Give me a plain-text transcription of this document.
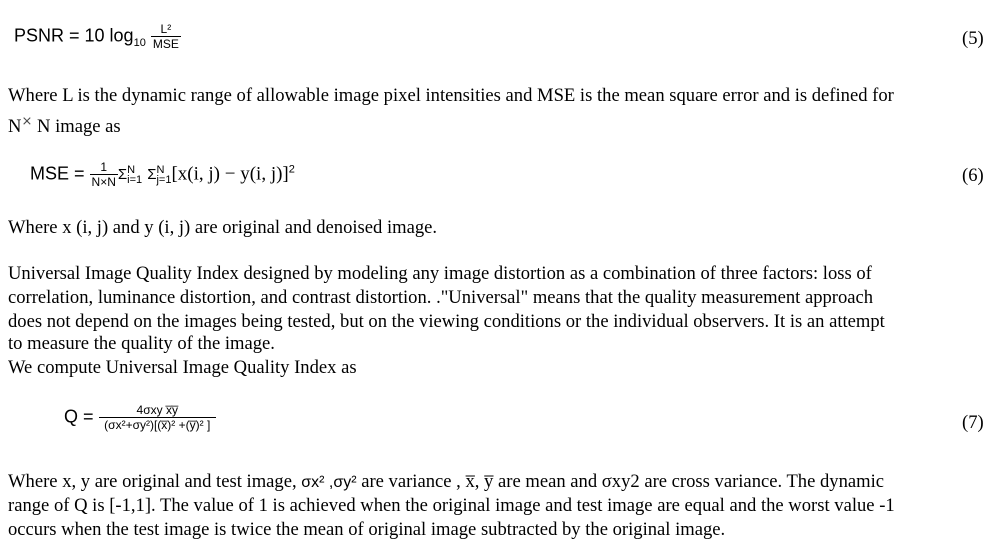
PSNR = 10 $\log_{10} \frac{\text{L²}}{\text{MSE}}$	(5)
Where L is the dynamic range of allowable image pixel intensities and MSE is the mean square error and is defined for
N⨯ N image as
MSE = $\frac{1}{N\times N}$ ΣN
i=1 ΣN
j=1[x(i, j) − y(i, j)]$^2$	(6)
Where x (i, j) and y (i, j) are original and denoised image.
Universal Image Quality Index designed by modeling any image distortion as a combination of three factors: loss of
correlation, luminance distortion, and contrast distortion. ."Universal" means that the quality measurement approach
does not depend on the images being tested, but on the viewing conditions or the individual observers. It is an attempt
to measure the quality of the image.
We compute Universal Image Quality Index as
$Q = \frac{\text{4σxy x̅y̅}}{\text{(σx²+σy²)[(x̅)² +(y̅)² ]}}$	(7)
Where x, y are original and test image, σx² ,σy² are variance , x̅, y̅ are mean and σxy2 are cross variance. The dynamic
range of Q is [-1,1]. The value of 1 is achieved when the original image and test image are equal and the worst value -1
occurs when the test image is twice the mean of original image subtracted by the original image.
